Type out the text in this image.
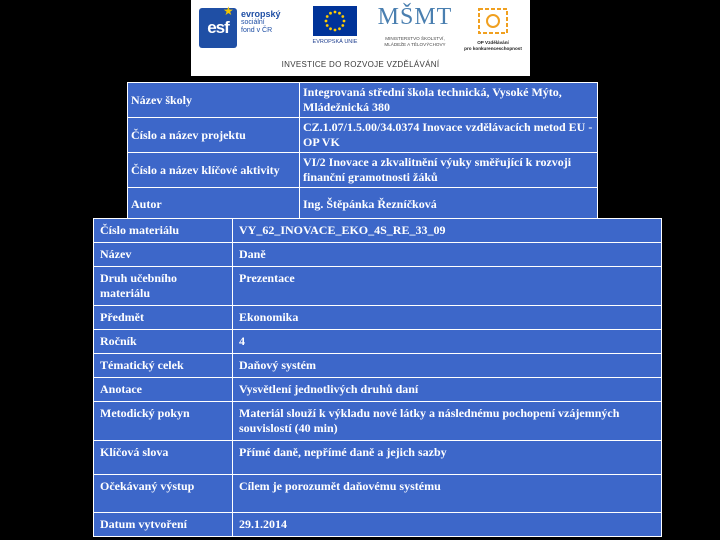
esf
★ evropský
sociální
fond v ČR
EVROPSKÁ UNIE
MŠMT
MINISTERSTVO ŠKOLSTVÍ,
MLÁDEŽE A TĚLOVÝCHOVY	OP Vzdělávání
pro konkurenceschopnost
INVESTICE DO ROZVOJE VZDĚLÁVÁNÍ
Název školy	Integrovaná střední škola technická, Vysoké Mýto, Mládežnická 380
Číslo a název projektu	CZ.1.07/1.5.00/34.0374 Inovace vzdělávacích metod EU - OP VK
Číslo a název klíčové aktivity	VI/2 Inovace a zkvalitnění výuky směřující k rozvoji finanční gramotnosti žáků
Autor	Ing. Štěpánka Řezníčková
Číslo materiálu	VY_62_INOVACE_EKO_4S_RE_33_09
Název	Daně
Druh učebního materiálu	Prezentace
Předmět	Ekonomika
Ročník	4
Tématický celek	Daňový systém
Anotace	Vysvětlení jednotlivých druhů daní
Metodický pokyn	Materiál slouží k výkladu nové látky a následnému pochopení vzájemných souvislostí (40 min)
Klíčová slova	Přímé daně, nepřímé daně a jejich sazby
Očekávaný výstup	Cílem je porozumět daňovému systému
Datum vytvoření	29.1.2014
